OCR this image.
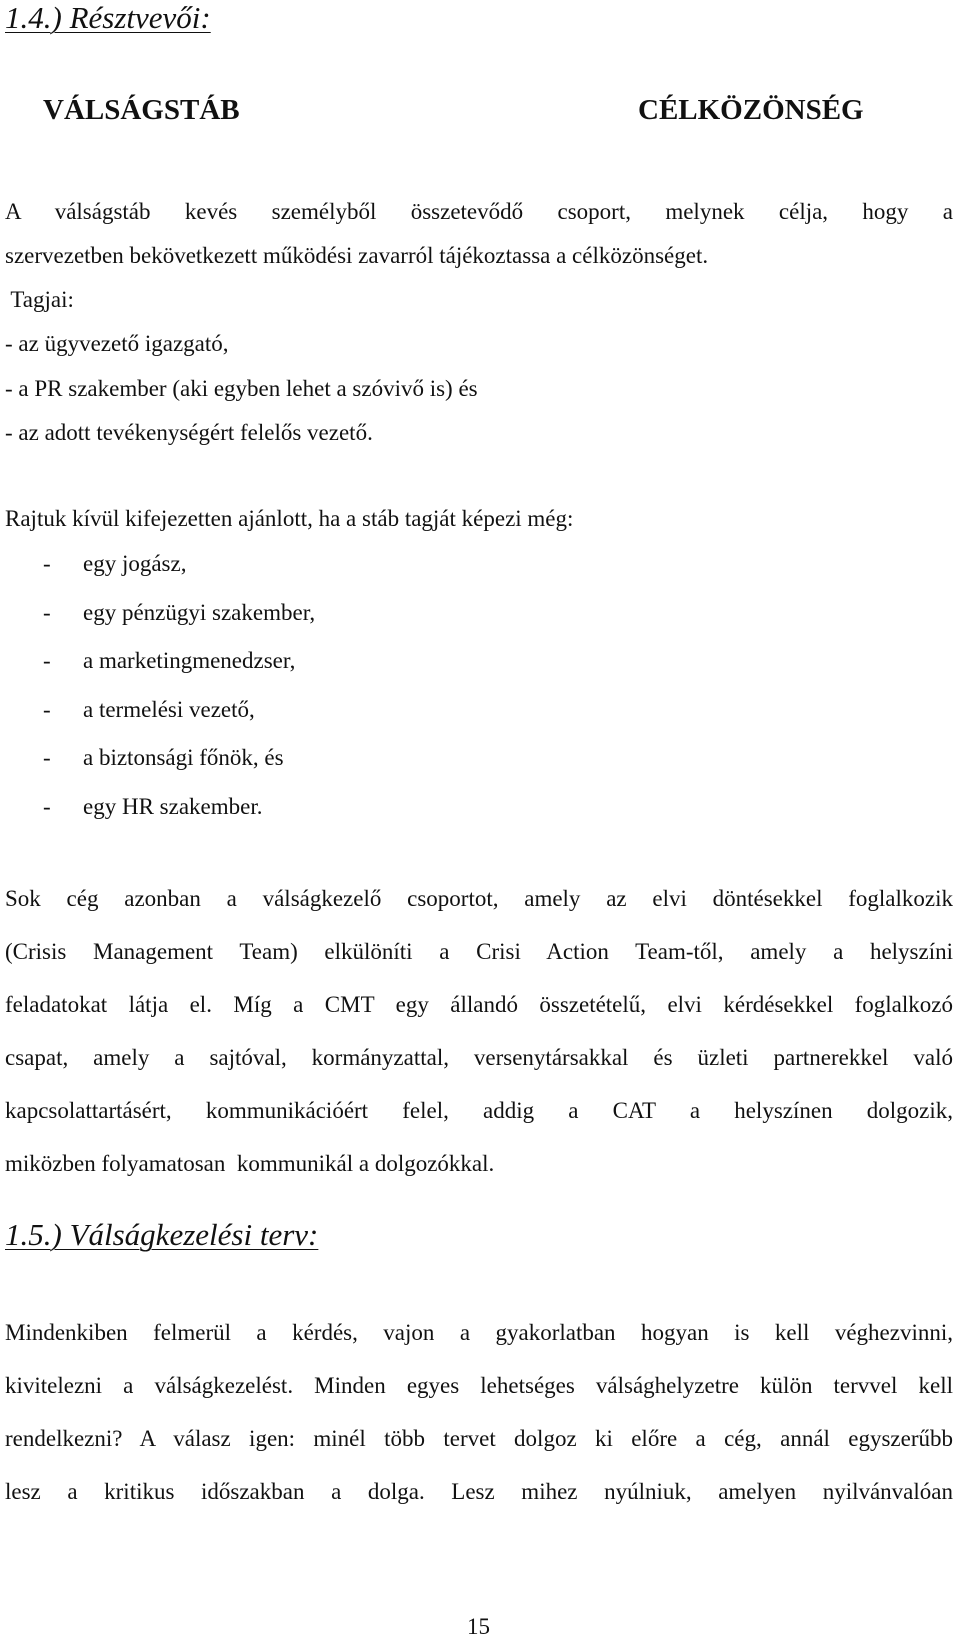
1.4.) Résztvevői:
VÁLSÁGSTÁB	CÉLKÖZÖNSÉG
A válságstáb kevés személyből összetevődő csoport, melynek célja, hogy a
szervezetben bekövetkezett működési zavarról tájékoztassa a célközönséget.
Tagjai:
- az ügyvezető igazgató,
- a PR szakember (aki egyben lehet a szóvivő is) és
- az adott tevékenységért felelős vezető.
Rajtuk kívül kifejezetten ajánlott, ha a stáb tagját képezi még:
- egy jogász,
- egy pénzügyi szakember,
- a marketingmenedzser,
- a termelési vezető,
- a biztonsági főnök, és
- egy HR szakember.
Sok cég azonban a válságkezelő csoportot, amely az elvi döntésekkel foglalkozik
(Crisis Management Team) elkülöníti a Crisi Action Team-től, amely a helyszíni
feladatokat látja el. Míg a CMT egy állandó összetételű, elvi kérdésekkel foglalkozó
csapat, amely a sajtóval, kormányzattal, versenytársakkal és üzleti partnerekkel való
kapcsolattartásért, kommunikációért felel, addig a CAT a helyszínen dolgozik,
miközben folyamatosan  kommunikál a dolgozókkal.
1.5.) Válságkezelési terv:
Mindenkiben felmerül a kérdés, vajon a gyakorlatban hogyan is kell véghezvinni,
kivitelezni a válságkezelést. Minden egyes lehetséges válsághelyzetre külön tervvel kell
rendelkezni? A válasz igen: minél több tervet dolgoz ki előre a cég, annál egyszerűbb
lesz a kritikus időszakban a dolga. Lesz mihez nyúlniuk, amelyen nyilvánvalóan
15
